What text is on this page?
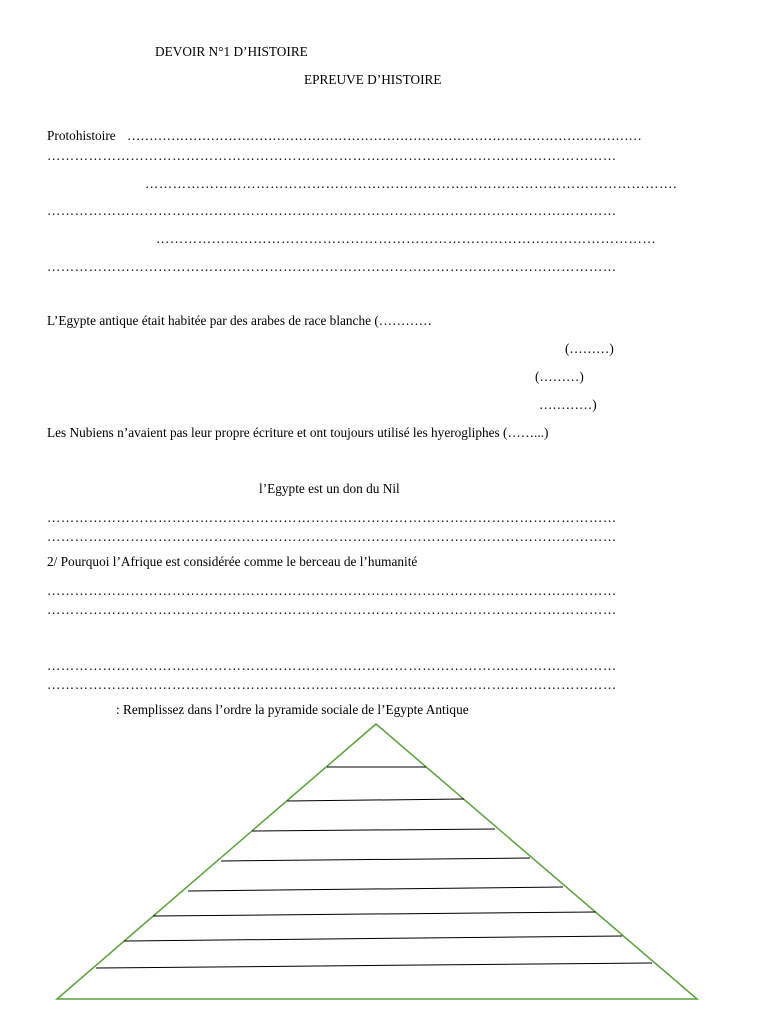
DEVOIR N°1 D’HISTOIRE
EPREUVE D’HISTOIRE
Protohistoire ………………………………………………………………………………………………………
……………………………………………………………………………………………………………
…………………………………………………………………………………………………….
……………………………………………………………………………………………………………
………………………………………………………………………………………………
……………………………………………………………………………………………………………
L’Egypte antique était habitée par des arabes de race blanche (…………
(………)
(………)
…………)
Les Nubiens n’avaient pas leur propre écriture et ont toujours utilisé les hyerogliphes (……...)
l’Egypte est un don du Nil
……………………………………………………………………………………………………………
……………………………………………………………………………………………………………
2/ Pourquoi l’Afrique est considérée comme le berceau de l’humanité
……………………………………………………………………………………………………………
……………………………………………………………………………………………………………
……………………………………………………………………………………………………………
……………………………………………………………………………………………………………
: Remplissez dans l’ordre la pyramide sociale de l’Egypte Antique
